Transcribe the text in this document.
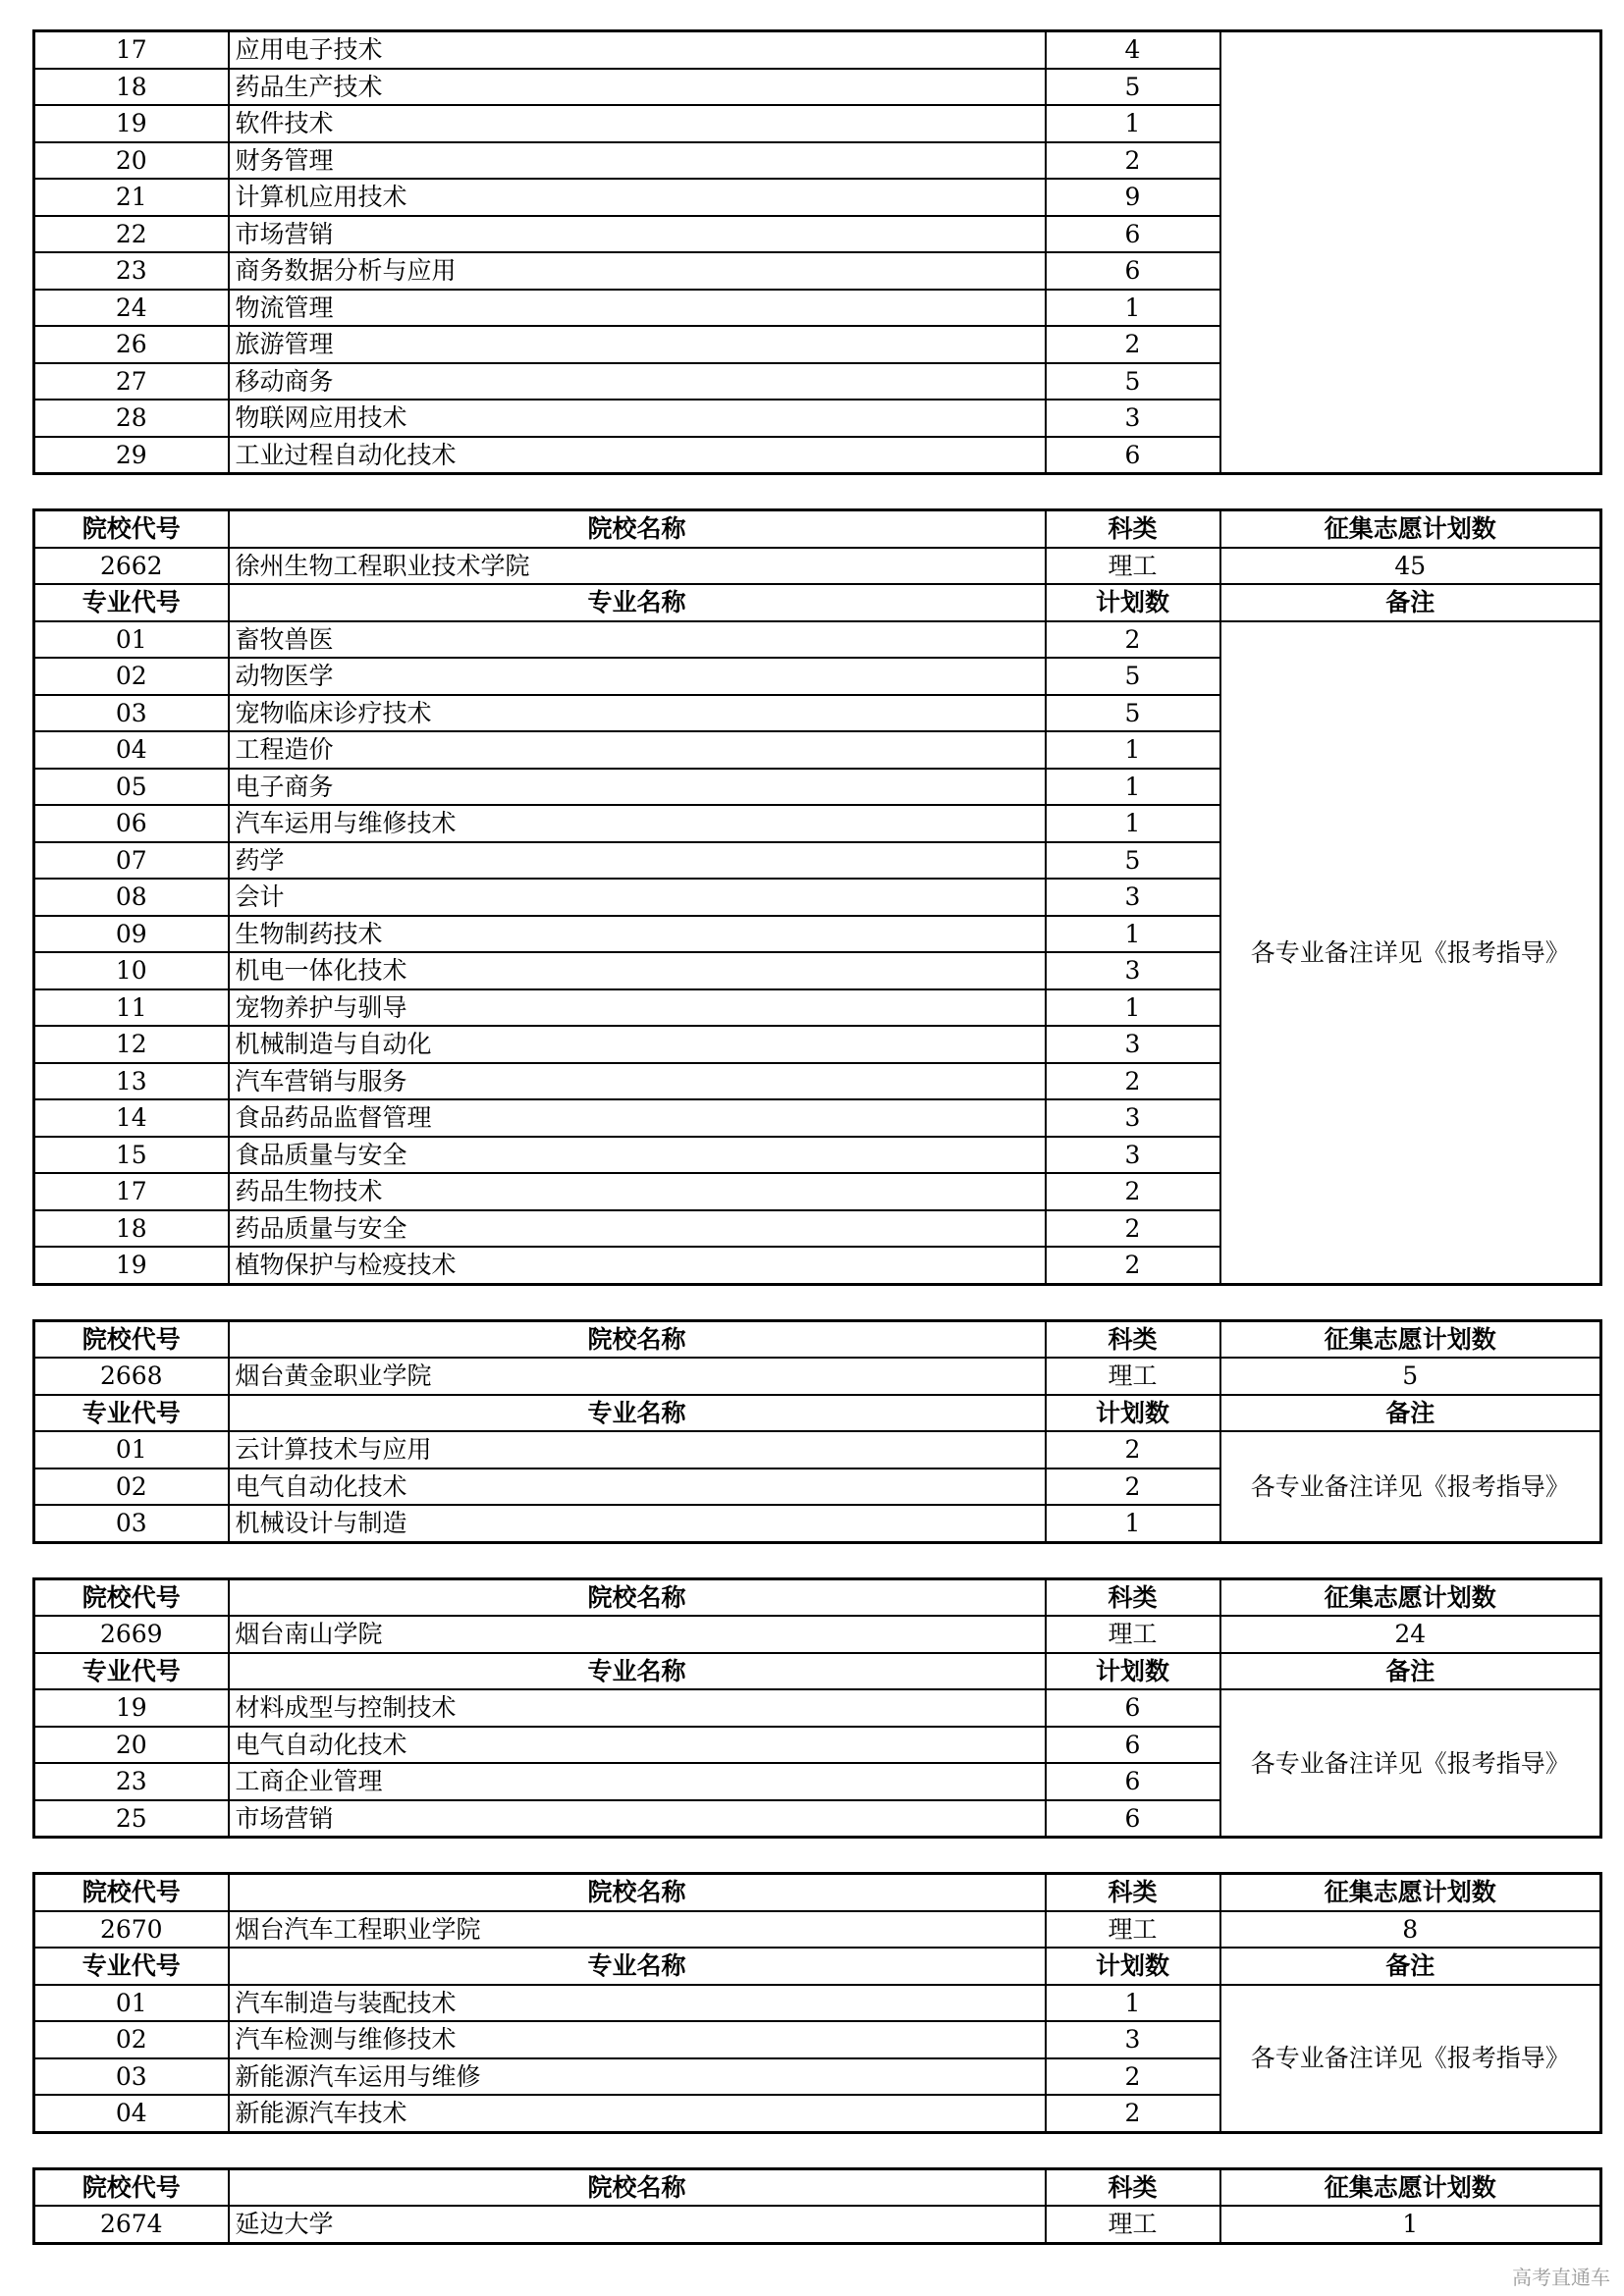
17	应用电子技术	4	
18	药品生产技术	5	
19	软件技术	1	
20	财务管理	2	
21	计算机应用技术	9	
22	市场营销	6	
23	商务数据分析与应用	6	
24	物流管理	1	
26	旅游管理	2	
27	移动商务	5	
28	物联网应用技术	3	
29	工业过程自动化技术	6	
院校代号	院校名称	科类	征集志愿计划数
2662	徐州生物工程职业技术学院	理工	45
专业代号	专业名称	计划数	备注
01	畜牧兽医	2	各专业备注详见《报考指导》
02	动物医学	5	
03	宠物临床诊疗技术	5	
04	工程造价	1	
05	电子商务	1	
06	汽车运用与维修技术	1	
07	药学	5	
08	会计	3	
09	生物制药技术	1	
10	机电一体化技术	3	
11	宠物养护与驯导	1	
12	机械制造与自动化	3	
13	汽车营销与服务	2	
14	食品药品监督管理	3	
15	食品质量与安全	3	
17	药品生物技术	2	
18	药品质量与安全	2	
19	植物保护与检疫技术	2	
院校代号	院校名称	科类	征集志愿计划数
2668	烟台黄金职业学院	理工	5
专业代号	专业名称	计划数	备注
01	云计算技术与应用	2	各专业备注详见《报考指导》
02	电气自动化技术	2	
03	机械设计与制造	1	
院校代号	院校名称	科类	征集志愿计划数
2669	烟台南山学院	理工	24
专业代号	专业名称	计划数	备注
19	材料成型与控制技术	6	各专业备注详见《报考指导》
20	电气自动化技术	6	
23	工商企业管理	6	
25	市场营销	6	
院校代号	院校名称	科类	征集志愿计划数
2670	烟台汽车工程职业学院	理工	8
专业代号	专业名称	计划数	备注
01	汽车制造与装配技术	1	各专业备注详见《报考指导》
02	汽车检测与维修技术	3	
03	新能源汽车运用与维修	2	
04	新能源汽车技术	2	
院校代号	院校名称	科类	征集志愿计划数
2674	延边大学	理工	1
高考直通车
